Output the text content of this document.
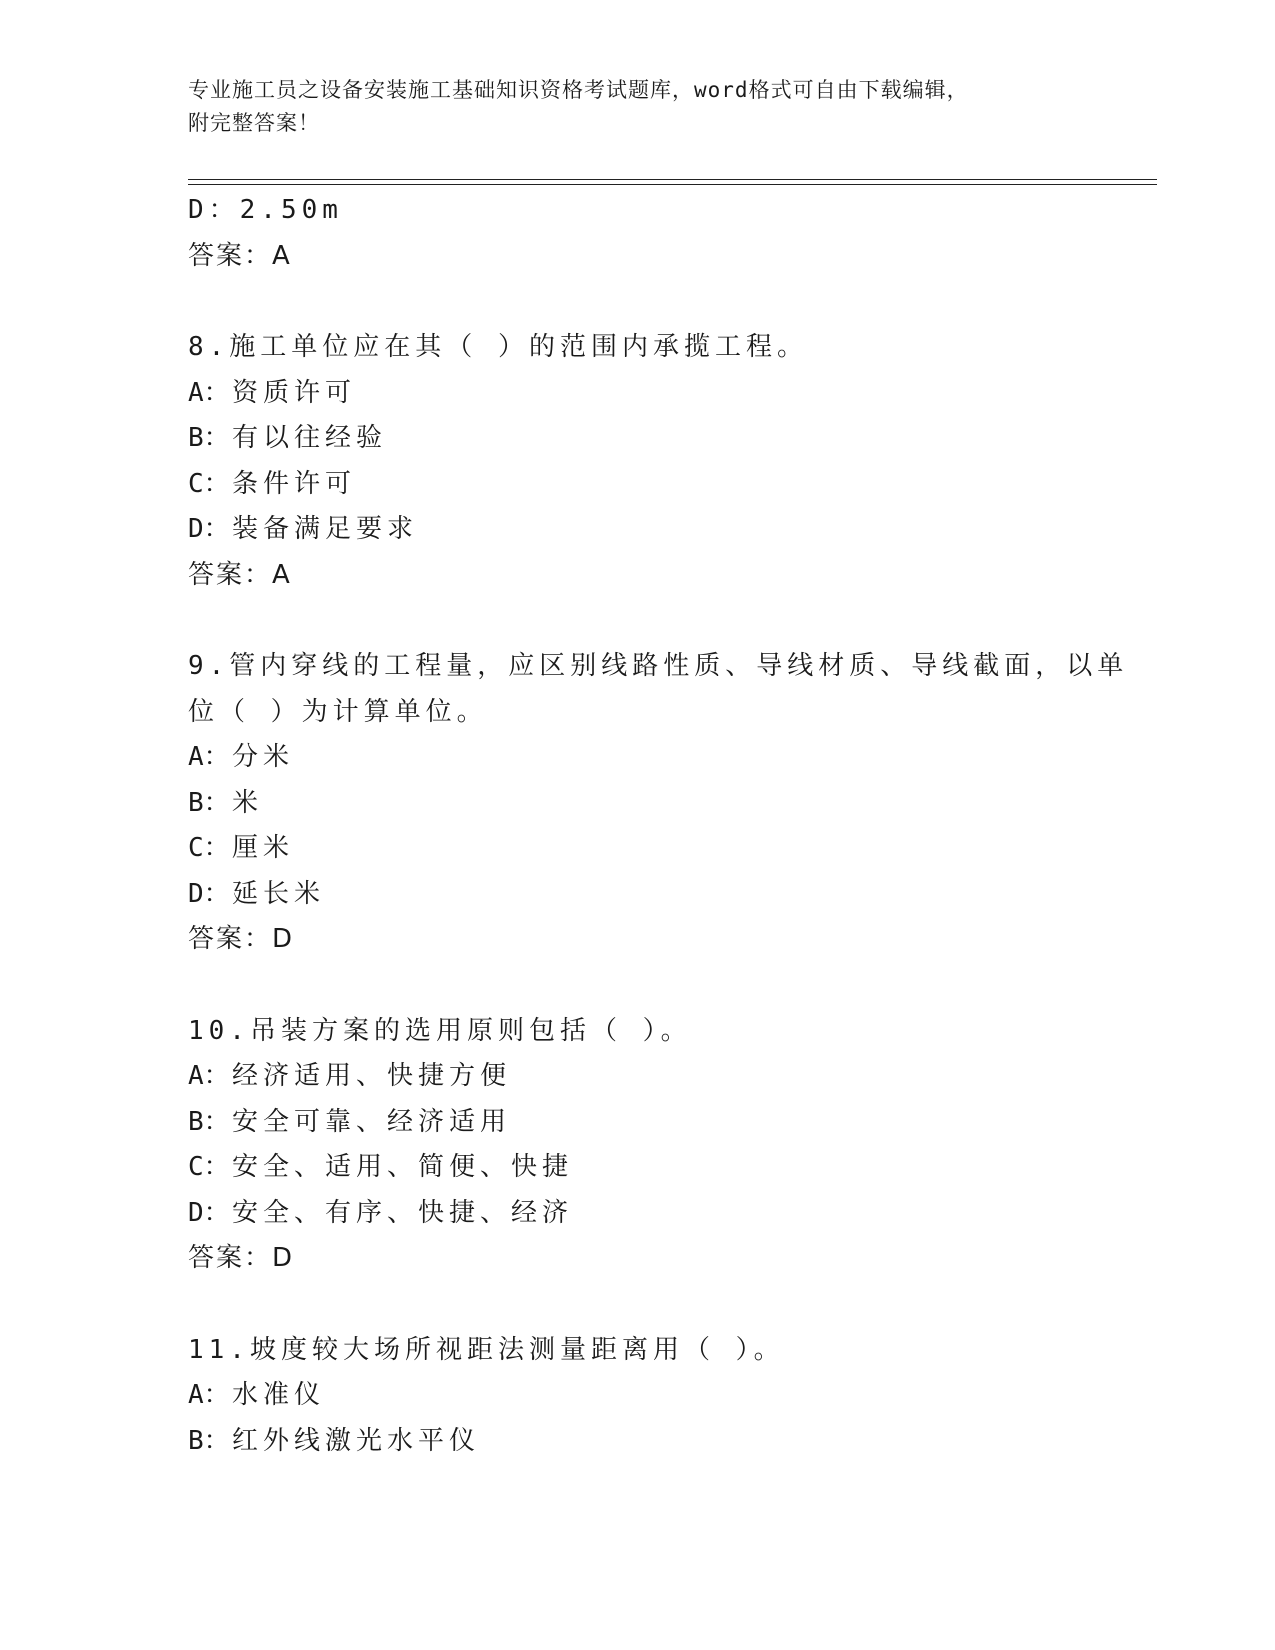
专业施工员之设备安装施工基础知识资格考试题库，word格式可自由下载编辑，
附完整答案！
D：2.50m
答案：A
8.施工单位应在其（ ）的范围内承揽工程。
A：资质许可
B：有以往经验
C：条件许可
D：装备满足要求
答案：A
9.管内穿线的工程量，应区别线路性质、导线材质、导线截面，以单
位（ ）为计算单位。
A：分米
B：米
C：厘米
D：延长米
答案：D
10.吊装方案的选用原则包括（ ）。
A：经济适用、快捷方便
B：安全可靠、经济适用
C：安全、适用、简便、快捷
D：安全、有序、快捷、经济
答案：D
11.坡度较大场所视距法测量距离用（ ）。
A：水准仪
B：红外线激光水平仪
